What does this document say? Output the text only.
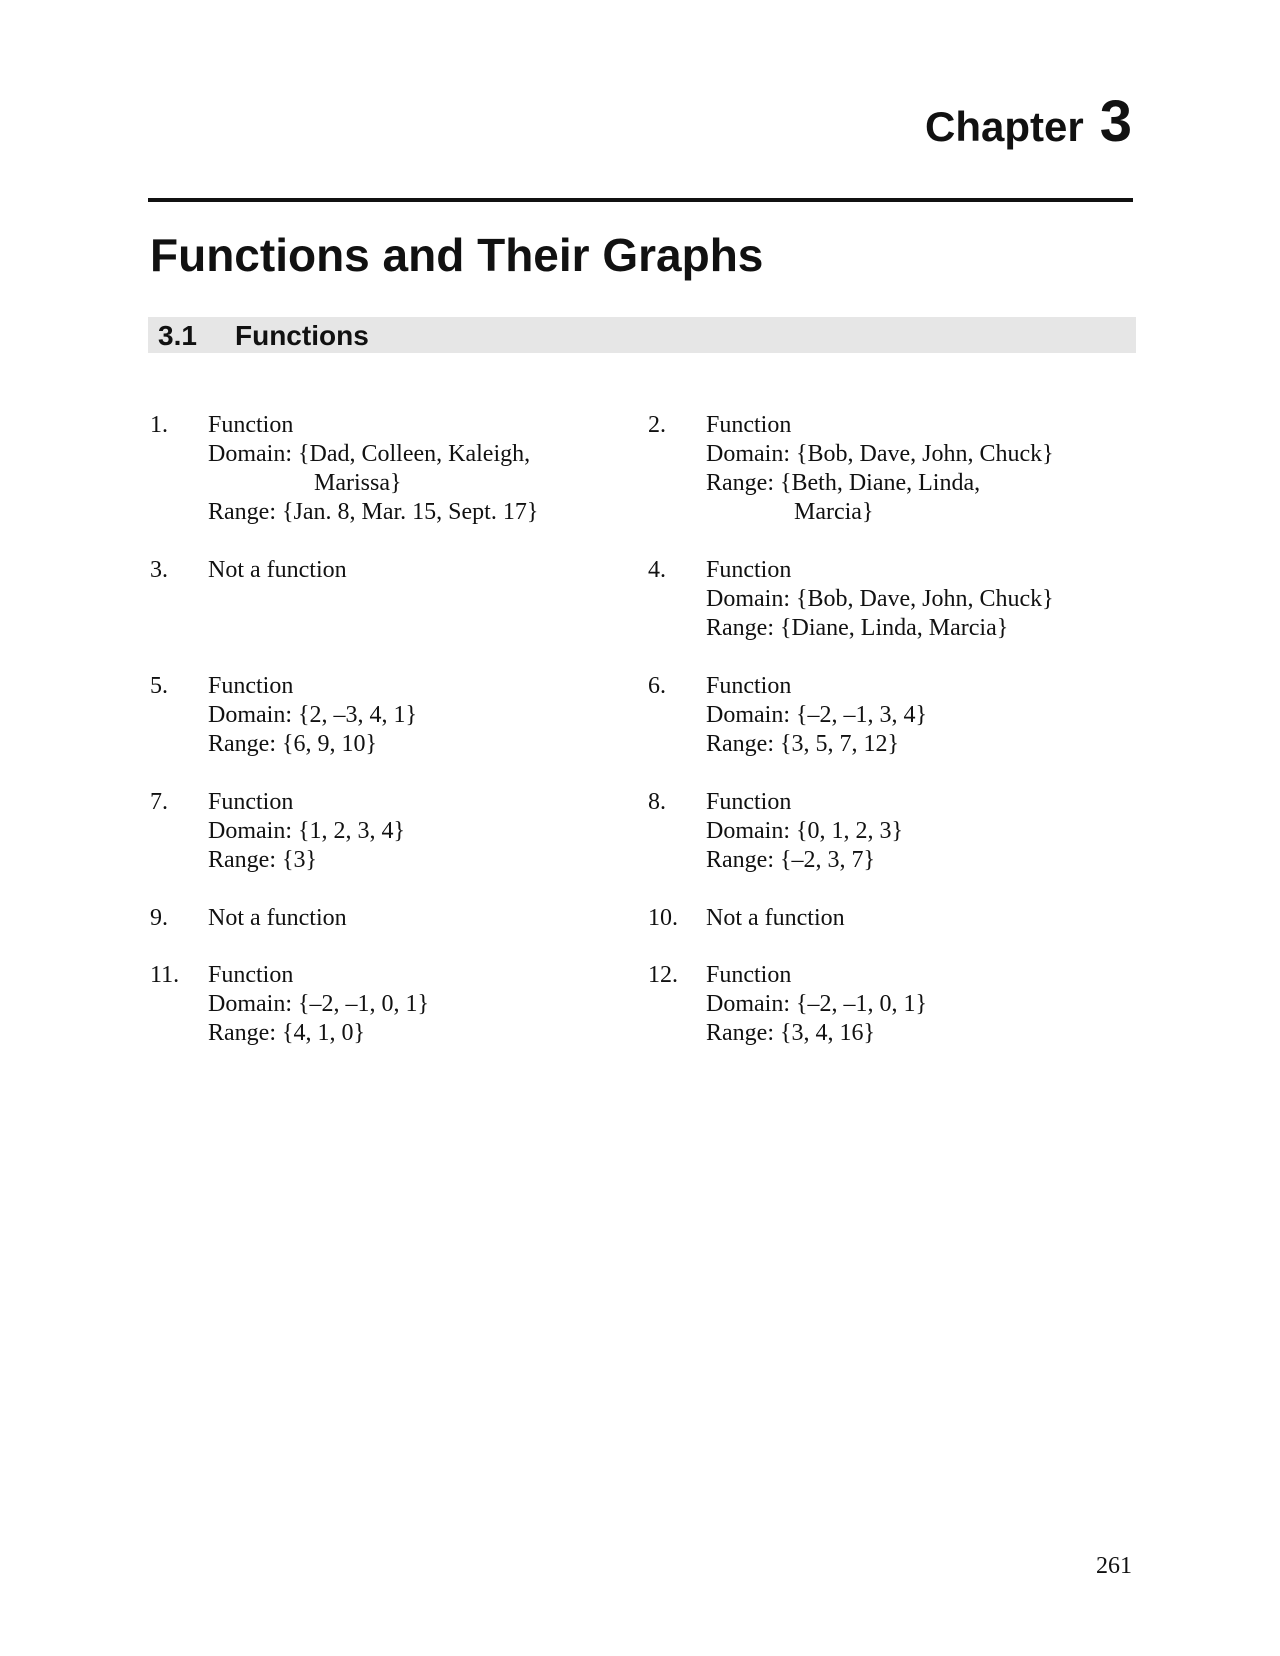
Chapter 3
Functions and Their Graphs
3.1 Functions
1. Function
Domain: {Dad, Colleen, Kaleigh,
Marissa}
Range: {Jan. 8, Mar. 15, Sept. 17}
2. Function
Domain: {Bob, Dave, John, Chuck}
Range: {Beth, Diane, Linda,
Marcia}
3. Not a function	4. Function
Domain: {Bob, Dave, John, Chuck}
Range: {Diane, Linda, Marcia}
5. Function
Domain: {2, –3, 4, 1}
Range: {6, 9, 10}
6. Function
Domain: {–2, –1, 3, 4}
Range: {3, 5, 7, 12}
7. Function
Domain: {1, 2, 3, 4}
Range: {3}
8. Function
Domain: {0, 1, 2, 3}
Range: {–2, 3, 7}
9. Not a function	10. Not a function
11. Function
Domain: {–2, –1, 0, 1}
Range: {4, 1, 0}
12. Function
Domain: {–2, –1, 0, 1}
Range: {3, 4, 16}
261
